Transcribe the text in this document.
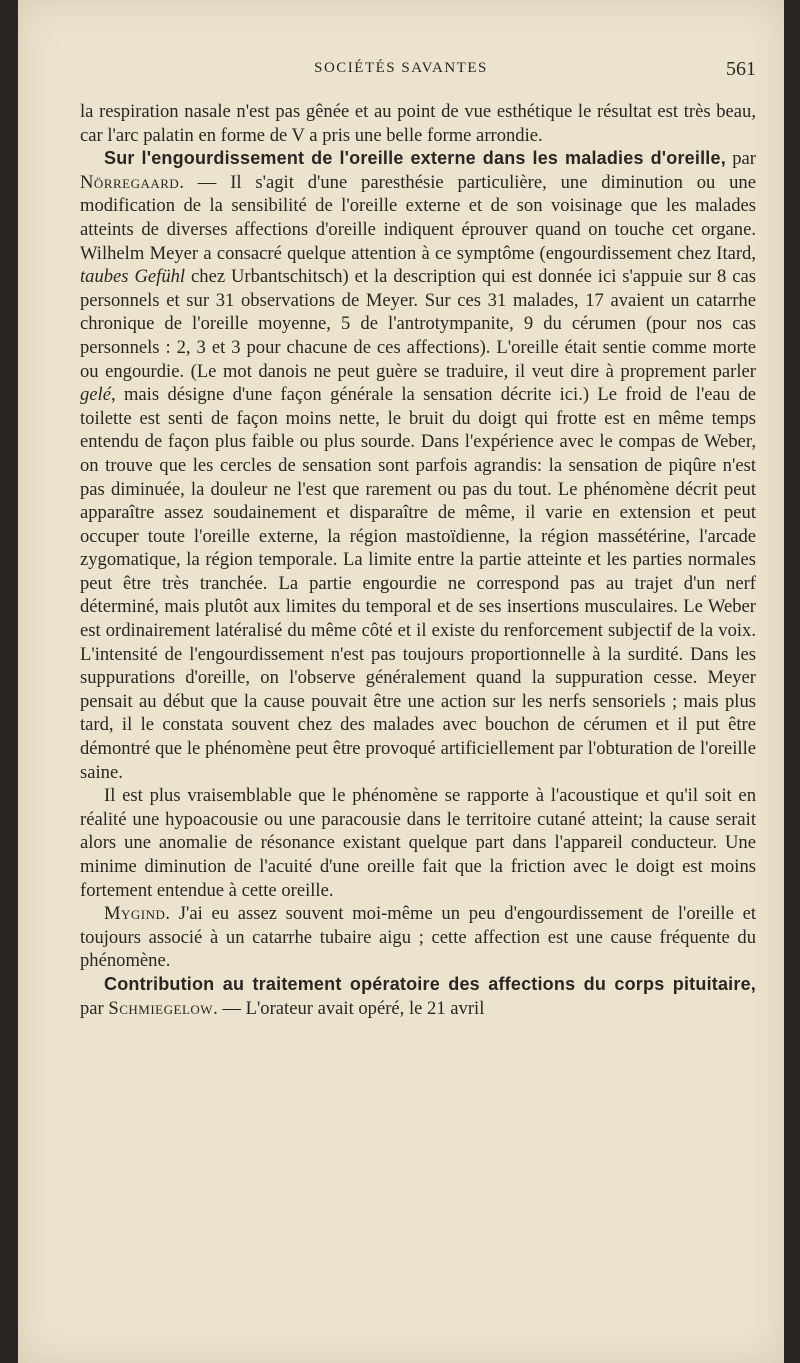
SOCIÉTÉS SAVANTES	561

la respiration nasale n'est pas gênée et au point de vue esthétique le résultat est très beau, car l'arc palatin en forme de V a pris une belle forme arrondie.

Sur l'engourdissement de l'oreille externe dans les maladies d'oreille, par Nörregaard. — Il s'agit d'une paresthésie particulière, une diminution ou une modification de la sensibilité de l'oreille externe et de son voisinage que les malades atteints de diverses affections d'oreille indiquent éprouver quand on touche cet organe. Wilhelm Meyer a consacré quelque attention à ce symptôme (engourdissement chez Itard, taubes Gefühl chez Urbantschitsch) et la description qui est donnée ici s'appuie sur 8 cas personnels et sur 31 observations de Meyer. Sur ces 31 malades, 17 avaient un catarrhe chronique de l'oreille moyenne, 5 de l'antrotympanite, 9 du cérumen (pour nos cas personnels : 2, 3 et 3 pour chacune de ces affections). L'oreille était sentie comme morte ou engourdie. (Le mot danois ne peut guère se traduire, il veut dire à proprement parler gelé, mais désigne d'une façon générale la sensation décrite ici.) Le froid de l'eau de toilette est senti de façon moins nette, le bruit du doigt qui frotte est en même temps entendu de façon plus faible ou plus sourde. Dans l'expérience avec le compas de Weber, on trouve que les cercles de sensation sont parfois agrandis: la sensation de piqûre n'est pas diminuée, la douleur ne l'est que rarement ou pas du tout. Le phénomène décrit peut apparaître assez soudainement et disparaître de même, il varie en extension et peut occuper toute l'oreille externe, la région mastoïdienne, la région massétérine, l'arcade zygomatique, la région temporale. La limite entre la partie atteinte et les parties normales peut être très tranchée. La partie engourdie ne correspond pas au trajet d'un nerf déterminé, mais plutôt aux limites du temporal et de ses insertions musculaires. Le Weber est ordinairement latéralisé du même côté et il existe du renforcement subjectif de la voix. L'intensité de l'engourdissement n'est pas toujours proportionnelle à la surdité. Dans les suppurations d'oreille, on l'observe généralement quand la suppuration cesse. Meyer pensait au début que la cause pouvait être une action sur les nerfs sensoriels ; mais plus tard, il le constata souvent chez des malades avec bouchon de cérumen et il put être démontré que le phénomène peut être provoqué artificiellement par l'obturation de l'oreille saine.

Il est plus vraisemblable que le phénomène se rapporte à l'acoustique et qu'il soit en réalité une hypoacousie ou une paracousie dans le territoire cutané atteint; la cause serait alors une anomalie de résonance existant quelque part dans l'appareil conducteur. Une minime diminution de l'acuité d'une oreille fait que la friction avec le doigt est moins fortement entendue à cette oreille.

Mygind. J'ai eu assez souvent moi-même un peu d'engourdissement de l'oreille et toujours associé à un catarrhe tubaire aigu ; cette affection est une cause fréquente du phénomène.

Contribution au traitement opératoire des affections du corps pituitaire, par Schmiegelow. — L'orateur avait opéré, le 21 avril
